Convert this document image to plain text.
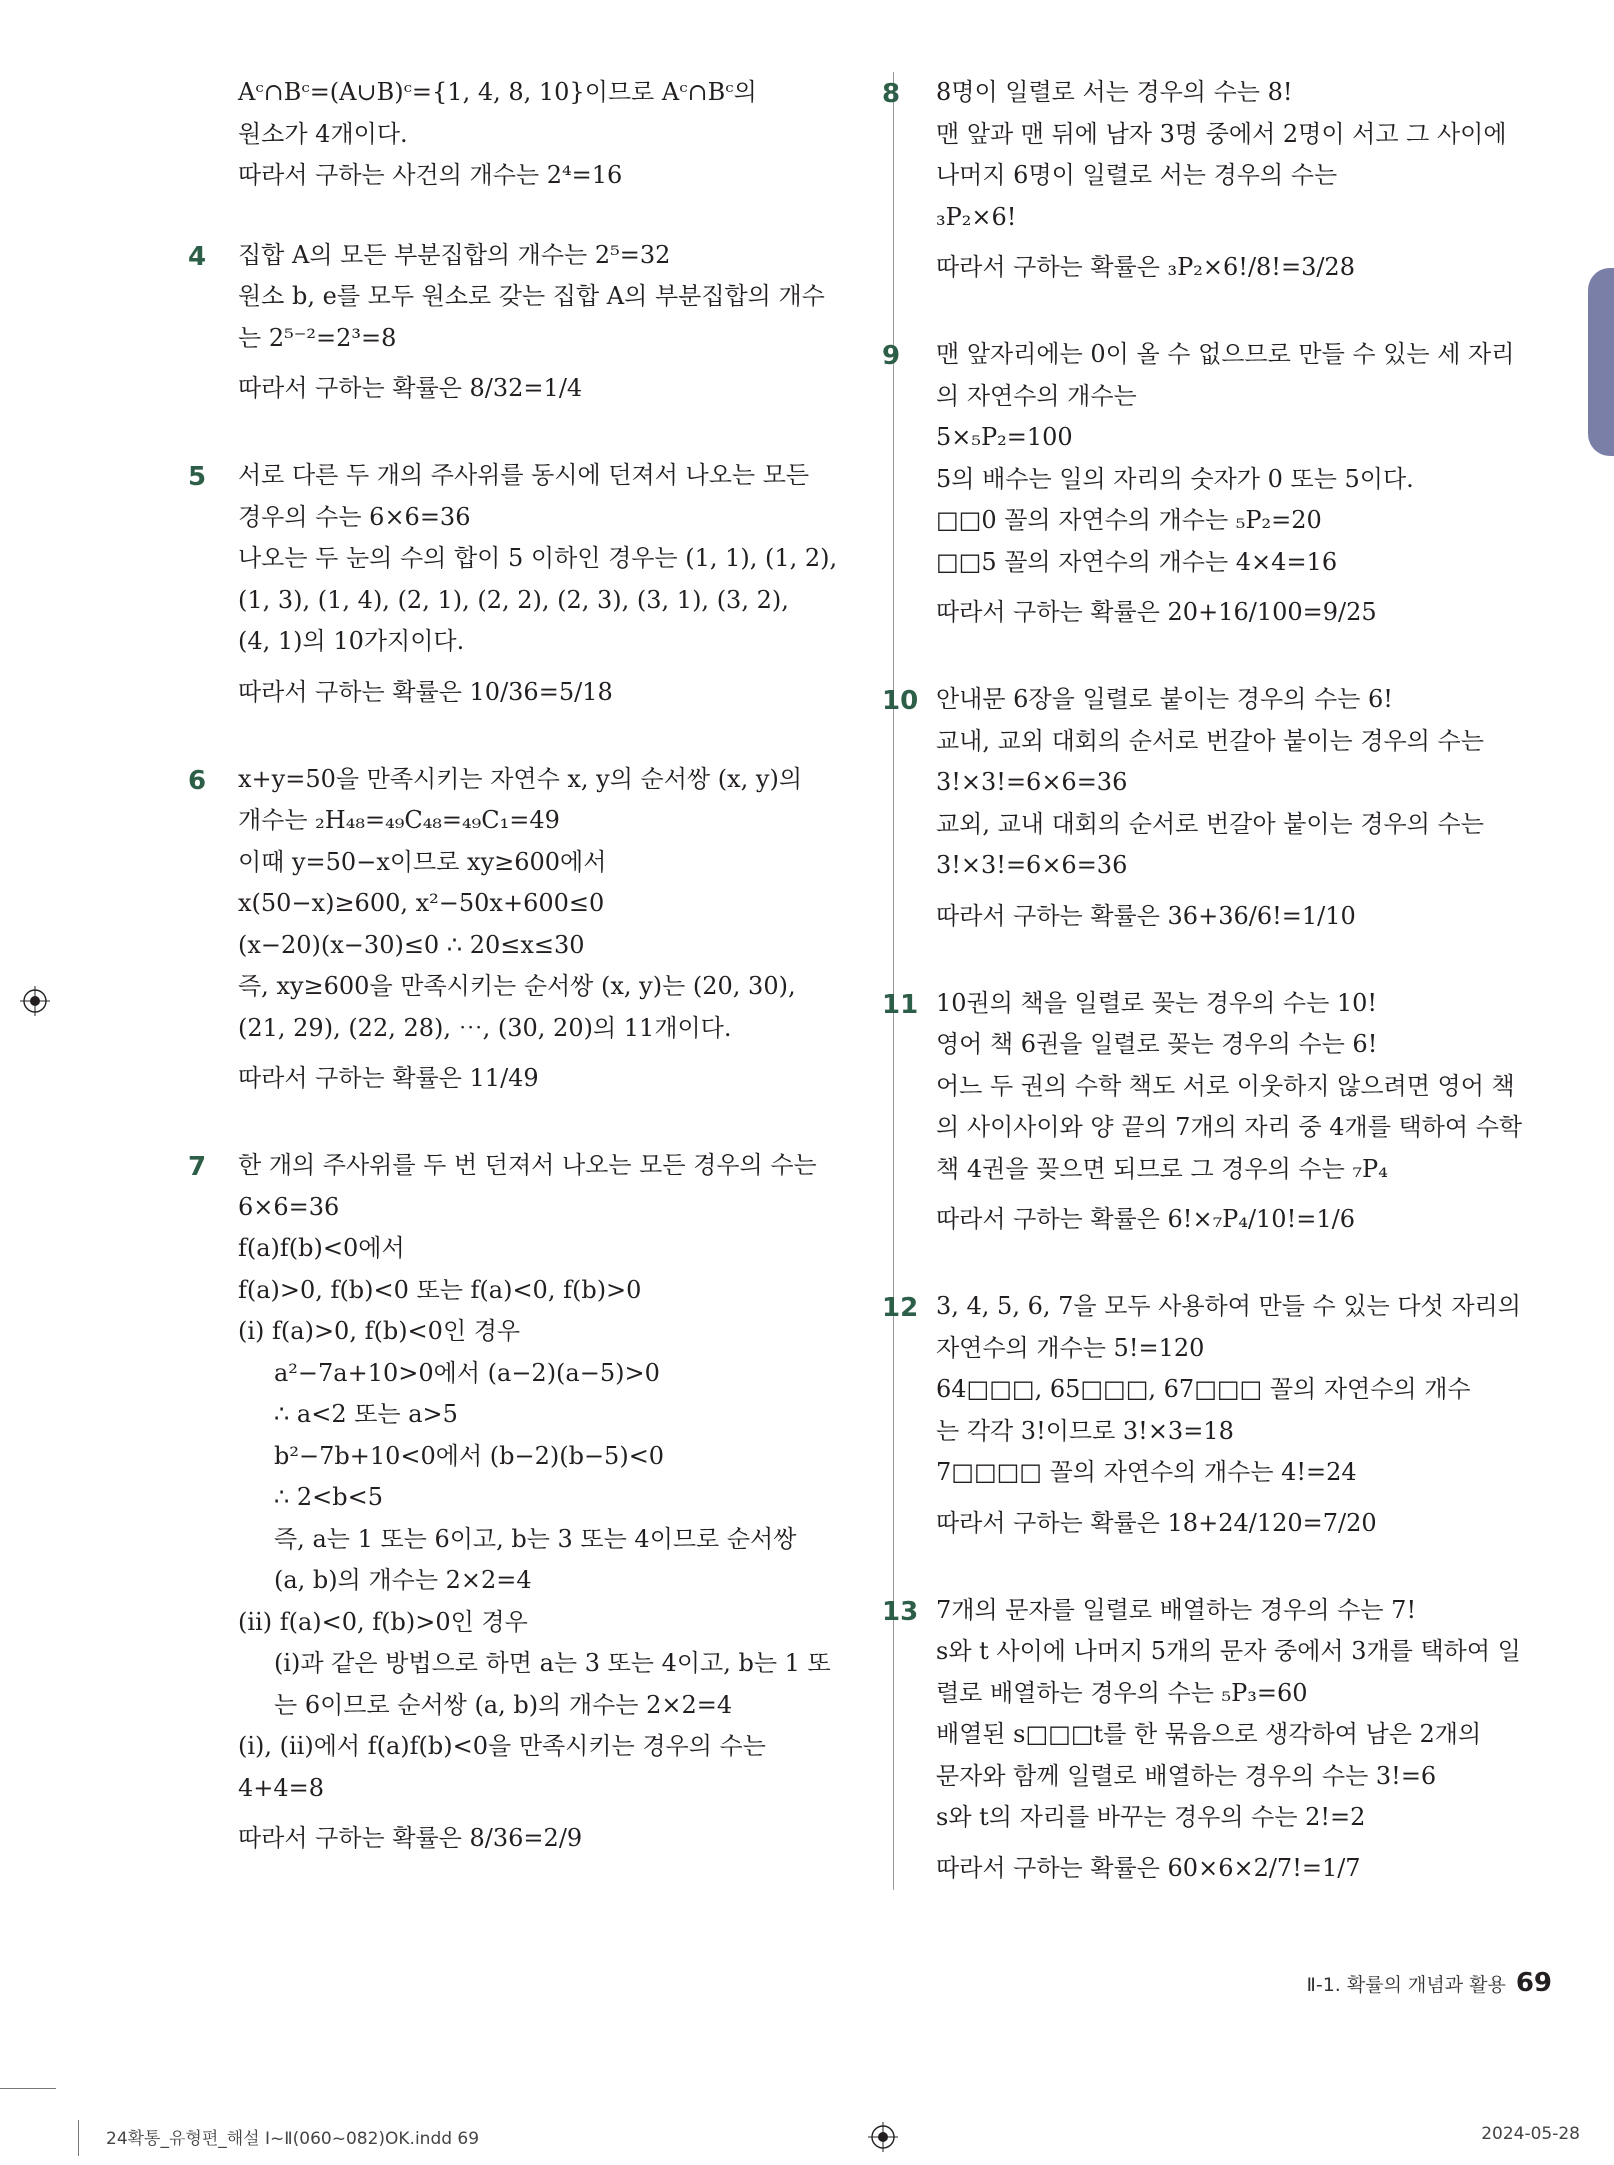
Aᶜ∩Bᶜ=(A∪B)ᶜ={1, 4, 8, 10}이므로 Aᶜ∩Bᶜ의
원소가 4개이다.
따라서 구하는 사건의 개수는 2⁴=16
4	집합 A의 모든 부분집합의 개수는 2⁵=32
원소 b, e를 모두 원소로 갖는 집합 A의 부분집합의 개수
는 2⁵⁻²=2³=8
따라서 구하는 확률은 8/32=1/4
5	서로 다른 두 개의 주사위를 동시에 던져서 나오는 모든
경우의 수는 6×6=36
나오는 두 눈의 수의 합이 5 이하인 경우는 (1, 1), (1, 2),
(1, 3), (1, 4), (2, 1), (2, 2), (2, 3), (3, 1), (3, 2),
(4, 1)의 10가지이다.
따라서 구하는 확률은 10/36=5/18
6	x+y=50을 만족시키는 자연수 x, y의 순서쌍 (x, y)의
개수는 ₂H₄₈=₄₉C₄₈=₄₉C₁=49
이때 y=50−x이므로 xy≥600에서
x(50−x)≥600, x²−50x+600≤0
(x−20)(x−30)≤0 ∴ 20≤x≤30
즉, xy≥600을 만족시키는 순서쌍 (x, y)는 (20, 30),
(21, 29), (22, 28), ⋯, (30, 20)의 11개이다.
따라서 구하는 확률은 11/49
7	한 개의 주사위를 두 번 던져서 나오는 모든 경우의 수는
6×6=36
f(a)f(b)<0에서
f(a)>0, f(b)<0 또는 f(a)<0, f(b)>0
(ⅰ) f(a)>0, f(b)<0인 경우
a²−7a+10>0에서 (a−2)(a−5)>0
∴ a<2 또는 a>5
b²−7b+10<0에서 (b−2)(b−5)<0
∴ 2<b<5
즉, a는 1 또는 6이고, b는 3 또는 4이므로 순서쌍
(a, b)의 개수는 2×2=4
(ⅱ) f(a)<0, f(b)>0인 경우
(ⅰ)과 같은 방법으로 하면 a는 3 또는 4이고, b는 1 또
는 6이므로 순서쌍 (a, b)의 개수는 2×2=4
(ⅰ), (ⅱ)에서 f(a)f(b)<0을 만족시키는 경우의 수는
4+4=8
따라서 구하는 확률은 8/36=2/9
8	8명이 일렬로 서는 경우의 수는 8!
맨 앞과 맨 뒤에 남자 3명 중에서 2명이 서고 그 사이에
나머지 6명이 일렬로 서는 경우의 수는
₃P₂×6!
따라서 구하는 확률은 ₃P₂×6!/8!=3/28
9	맨 앞자리에는 0이 올 수 없으므로 만들 수 있는 세 자리
의 자연수의 개수는
5×₅P₂=100
5의 배수는 일의 자리의 숫자가 0 또는 5이다.
□□0 꼴의 자연수의 개수는 ₅P₂=20
□□5 꼴의 자연수의 개수는 4×4=16
따라서 구하는 확률은 20+16/100=9/25
10 안내문 6장을 일렬로 붙이는 경우의 수는 6!
교내, 교외 대회의 순서로 번갈아 붙이는 경우의 수는
3!×3!=6×6=36
교외, 교내 대회의 순서로 번갈아 붙이는 경우의 수는
3!×3!=6×6=36
따라서 구하는 확률은 36+36/6!=1/10
11 10권의 책을 일렬로 꽂는 경우의 수는 10!
영어 책 6권을 일렬로 꽂는 경우의 수는 6!
어느 두 권의 수학 책도 서로 이웃하지 않으려면 영어 책
의 사이사이와 양 끝의 7개의 자리 중 4개를 택하여 수학
책 4권을 꽂으면 되므로 그 경우의 수는 ₇P₄
따라서 구하는 확률은 6!×₇P₄/10!=1/6
12 3, 4, 5, 6, 7을 모두 사용하여 만들 수 있는 다섯 자리의
자연수의 개수는 5!=120
64□□□, 65□□□, 67□□□ 꼴의 자연수의 개수
는 각각 3!이므로 3!×3=18
7□□□□ 꼴의 자연수의 개수는 4!=24
따라서 구하는 확률은 18+24/120=7/20
13 7개의 문자를 일렬로 배열하는 경우의 수는 7!
s와 t 사이에 나머지 5개의 문자 중에서 3개를 택하여 일
렬로 배열하는 경우의 수는 ₅P₃=60
배열된 s□□□t를 한 묶음으로 생각하여 남은 2개의
문자와 함께 일렬로 배열하는 경우의 수는 3!=6
s와 t의 자리를 바꾸는 경우의 수는 2!=2
따라서 구하는 확률은 60×6×2/7!=1/7
Ⅱ-1. 확률의 개념과 활용 69
24확통_유형편_해설 Ⅰ~Ⅱ(060~082)OK.indd 69	2024-05-28
